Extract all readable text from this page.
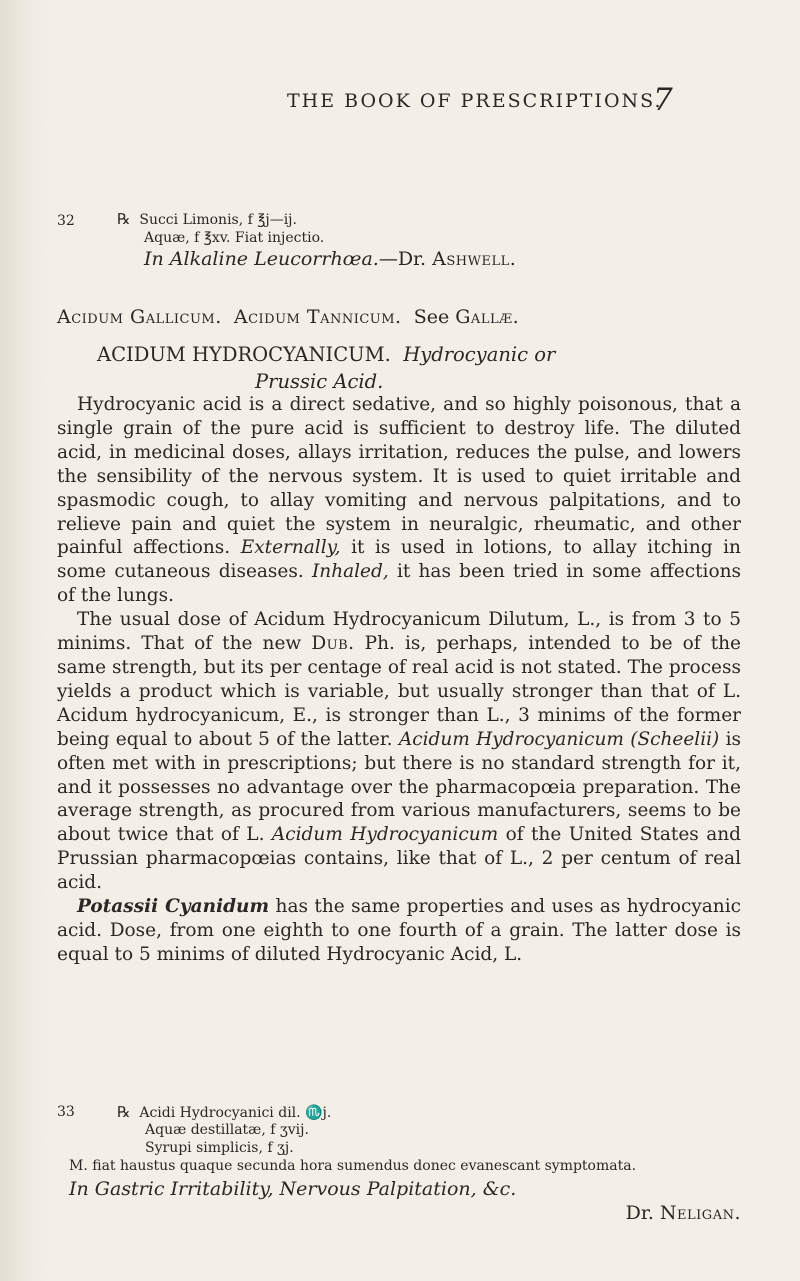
THE BOOK OF PRESCRIPTIONS.
7
32	℞ Succi Limonis, f ℥j—ij.
Aquæ, f ℥xv. Fiat injectio.
In Alkaline Leucorrhœa.—Dr. Ashwell.
Acidum Gallicum. Acidum Tannicum. See Gallæ.
ACIDUM HYDROCYANICUM. Hydrocyanic or
Prussic Acid.

Hydrocyanic acid is a direct sedative, and so highly poisonous, that a single grain of the pure acid is sufficient to destroy life. The diluted acid, in medicinal doses, allays irritation, reduces the pulse, and lowers the sensibility of the nervous system. It is used to quiet irritable and spasmodic cough, to allay vomiting and nervous palpitations, and to relieve pain and quiet the system in neuralgic, rheumatic, and other painful affections. Externally, it is used in lotions, to allay itching in some cutaneous diseases. Inhaled, it has been tried in some affections of the lungs.

The usual dose of Acidum Hydrocyanicum Dilutum, L., is from 3 to 5 minims. That of the new Dub. Ph. is, perhaps, intended to be of the same strength, but its per centage of real acid is not stated. The process yields a product which is variable, but usually stronger than that of L. Acidum hydrocyanicum, E., is stronger than L., 3 minims of the former being equal to about 5 of the latter. Acidum Hydrocyanicum (Scheelii) is often met with in prescriptions; but there is no standard strength for it, and it possesses no advantage over the pharmacopœia preparation. The average strength, as procured from various manufacturers, seems to be about twice that of L. Acidum Hydrocyanicum of the United States and Prussian pharmacopœias contains, like that of L., 2 per centum of real acid.

Potassii Cyanidum has the same properties and uses as hydrocyanic acid. Dose, from one eighth to one fourth of a grain. The latter dose is equal to 5 minims of diluted Hydrocyanic Acid, L.

33	℞ Acidi Hydrocyanici dil. ♏j.
Aquæ destillatæ, f ʒvij.
Syrupi simplicis, f ʒj.
M. fiat haustus quaque secunda hora sumendus donec evanescant symptomata.
In Gastric Irritability, Nervous Palpitation, &c.
Dr. Neligan.
